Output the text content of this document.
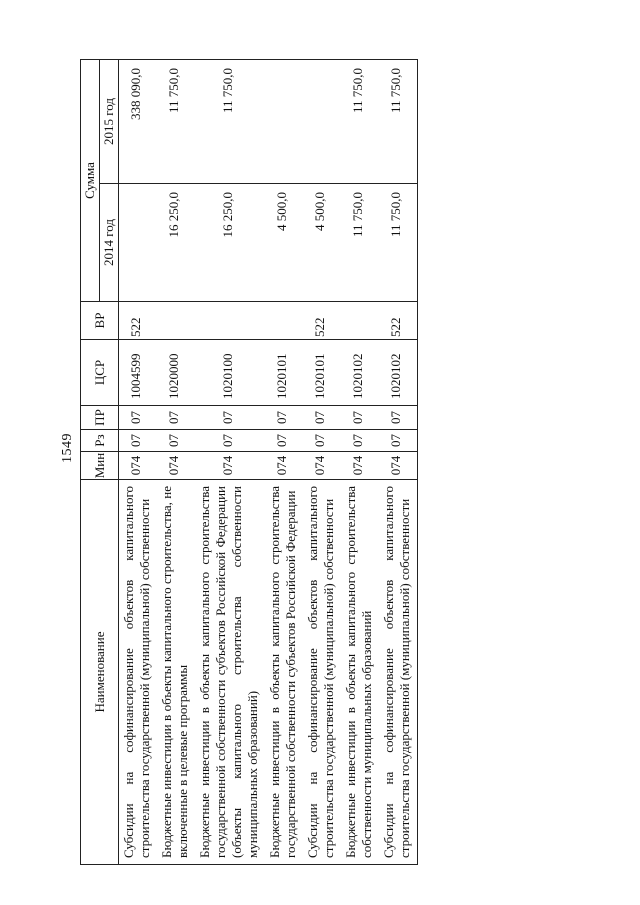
1549
Наименование	Мин	Рз	ПР	ЦСР	ВР	Сумма	
						2014 год	2015 год
Субсидии на софинансирование объектов капитального строительства государственной (муниципальной) собственности	074	07	07	1004599	522		338 090,0
Бюджетные инвестиции в объекты капитального строительства, не включенные в целевые программы	074	07	07	1020000		16 250,0	11 750,0
Бюджетные инвестиции в объекты капитального строительства государственной собственности субъектов Российской Федерации (объекты капитального строительства собственности муниципальных образований)	074	07	07	1020100		16 250,0	11 750,0
Бюджетные инвестиции в объекты капитального строительства государственной собственности субъектов Российской Федерации	074	07	07	1020101		4 500,0	
Субсидии на софинансирование объектов капитального строительства государственной (муниципальной) собственности	074	07	07	1020101	522	4 500,0	
Бюджетные инвестиции в объекты капитального строительства собственности муниципальных образований	074	07	07	1020102		11 750,0	11 750,0
Субсидии на софинансирование объектов капитального строительства государственной (муниципальной) собственности	074	07	07	1020102	522	11 750,0	11 750,0
